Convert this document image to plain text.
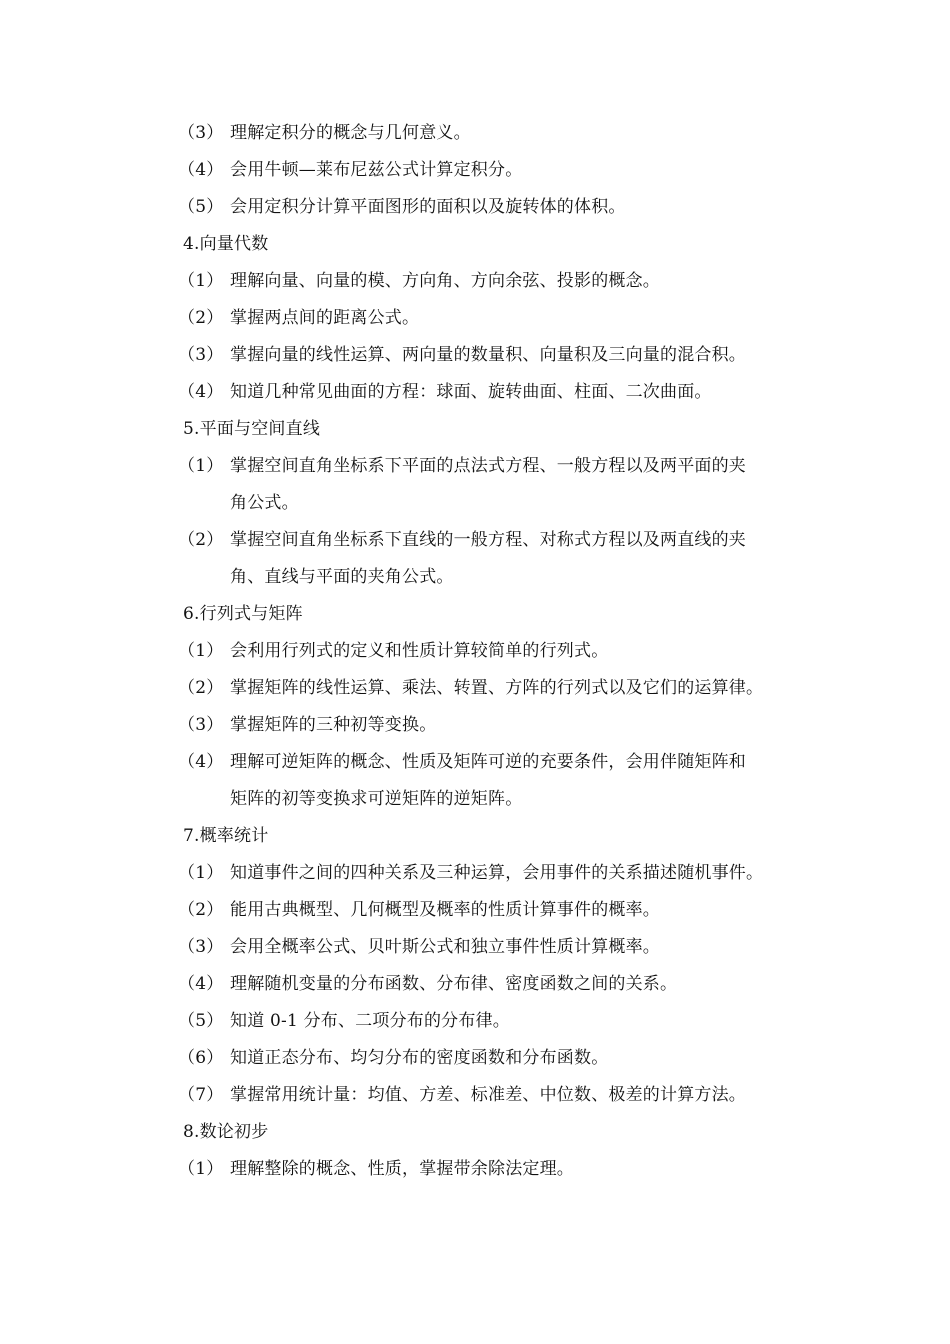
（3） 理解定积分的概念与几何意义。
（4） 会用牛顿—莱布尼兹公式计算定积分。
（5） 会用定积分计算平面图形的面积以及旋转体的体积。
4.向量代数
（1） 理解向量、向量的模、方向角、方向余弦、投影的概念。
（2） 掌握两点间的距离公式。
（3） 掌握向量的线性运算、两向量的数量积、向量积及三向量的混合积。
（4） 知道几种常见曲面的方程：球面、旋转曲面、柱面、二次曲面。
5.平面与空间直线
（1） 掌握空间直角坐标系下平面的点法式方程、一般方程以及两平面的夹
角公式。
（2） 掌握空间直角坐标系下直线的一般方程、对称式方程以及两直线的夹
角、直线与平面的夹角公式。
6.行列式与矩阵
（1） 会利用行列式的定义和性质计算较简单的行列式。
（2） 掌握矩阵的线性运算、乘法、转置、方阵的行列式以及它们的运算律。
（3） 掌握矩阵的三种初等变换。
（4） 理解可逆矩阵的概念、性质及矩阵可逆的充要条件，会用伴随矩阵和
矩阵的初等变换求可逆矩阵的逆矩阵。
7.概率统计
（1） 知道事件之间的四种关系及三种运算，会用事件的关系描述随机事件。
（2） 能用古典概型、几何概型及概率的性质计算事件的概率。
（3） 会用全概率公式、贝叶斯公式和独立事件性质计算概率。
（4） 理解随机变量的分布函数、分布律、密度函数之间的关系。
（5） 知道 0-1 分布、二项分布的分布律。
（6） 知道正态分布、均匀分布的密度函数和分布函数。
（7） 掌握常用统计量：均值、方差、标准差、中位数、极差的计算方法。
8.数论初步
（1） 理解整除的概念、性质，掌握带余除法定理。
